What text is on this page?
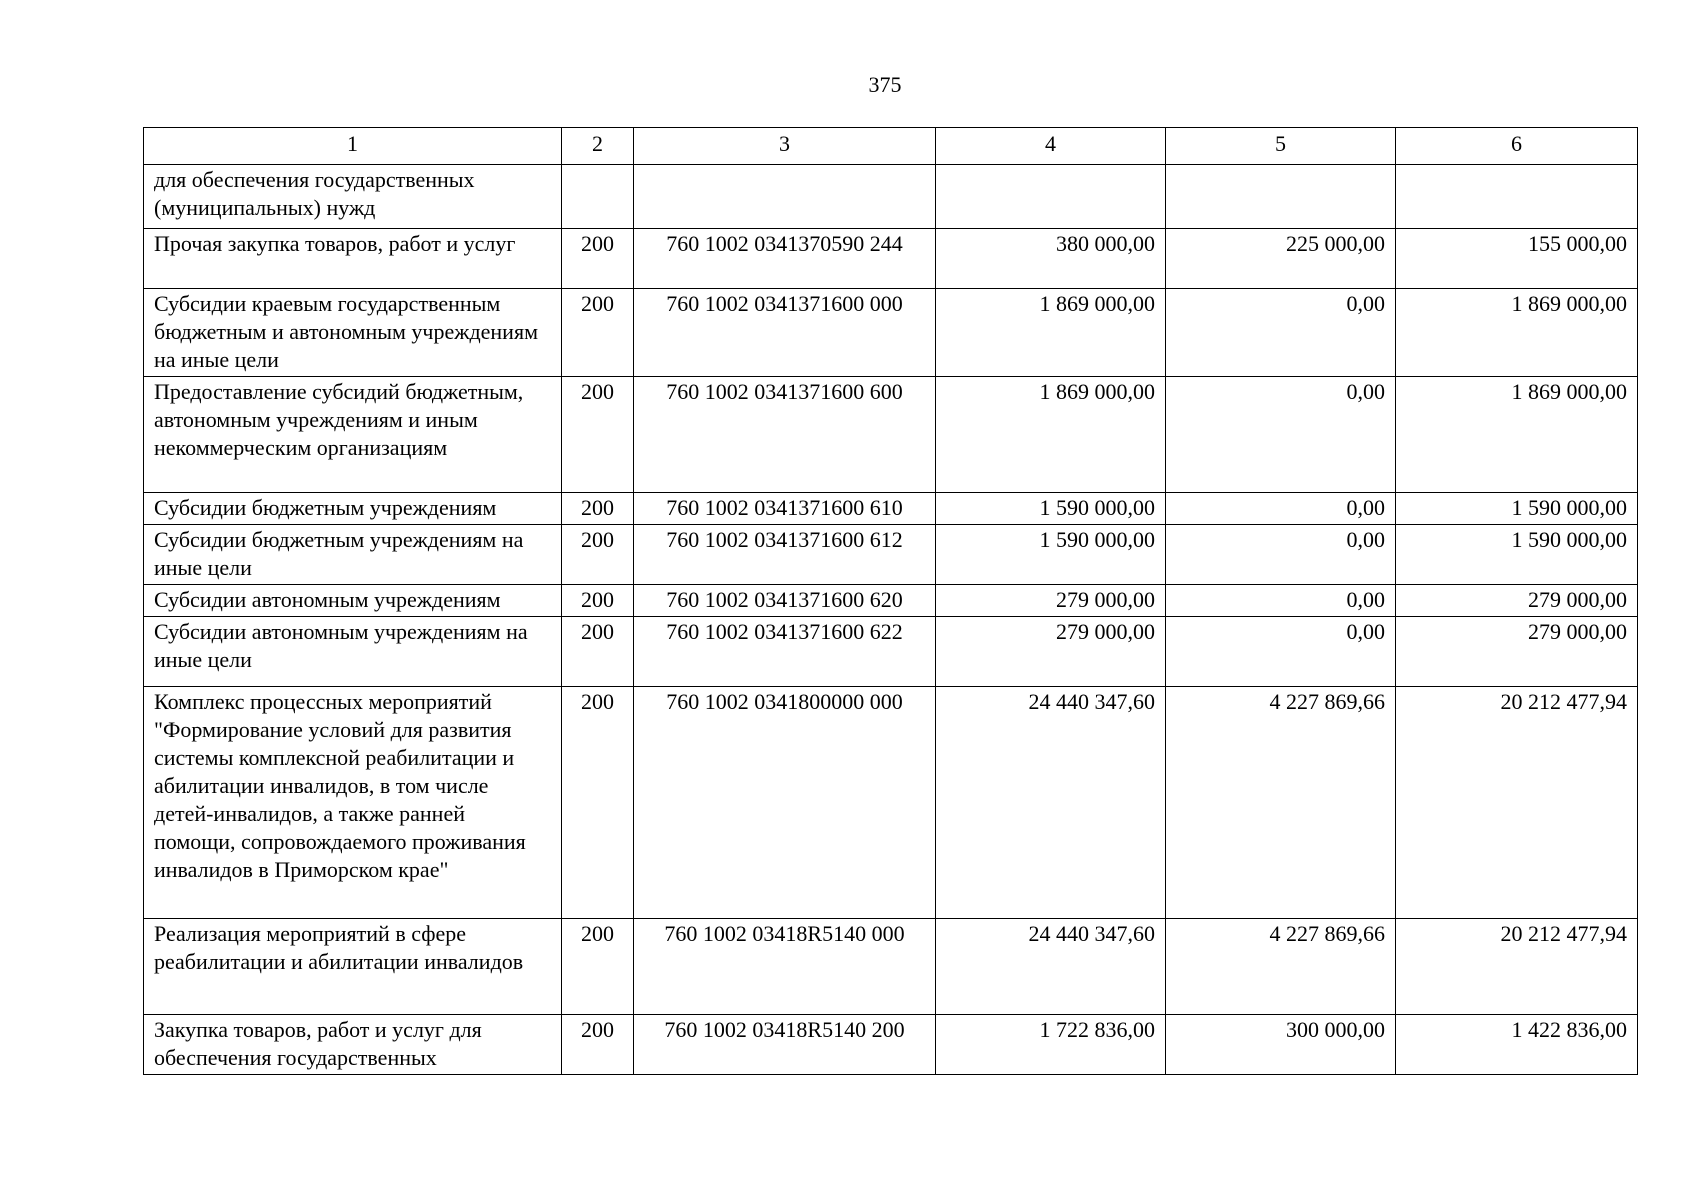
375
1	2	3	4	5	6
для обеспечения государственных (муниципальных) нужд					
Прочая закупка товаров, работ и услуг	200	760 1002 0341370590 244	380 000,00	225 000,00	155 000,00
Субсидии краевым государственным бюджетным и автономным учреждениям на иные цели	200	760 1002 0341371600 000	1 869 000,00	0,00	1 869 000,00
Предоставление субсидий бюджетным, автономным учреждениям и иным некоммерческим организациям	200	760 1002 0341371600 600	1 869 000,00	0,00	1 869 000,00
Субсидии бюджетным учреждениям	200	760 1002 0341371600 610	1 590 000,00	0,00	1 590 000,00
Субсидии бюджетным учреждениям на иные цели	200	760 1002 0341371600 612	1 590 000,00	0,00	1 590 000,00
Субсидии автономным учреждениям	200	760 1002 0341371600 620	279 000,00	0,00	279 000,00
Субсидии автономным учреждениям на иные цели	200	760 1002 0341371600 622	279 000,00	0,00	279 000,00
Комплекс процессных мероприятий "Формирование условий для развития системы комплексной реабилитации и абилитации инвалидов, в том числе детей-инвалидов, а также ранней помощи, сопровождаемого проживания инвалидов в Приморском крае"	200	760 1002 0341800000 000	24 440 347,60	4 227 869,66	20 212 477,94
Реализация мероприятий в сфере реабилитации и абилитации инвалидов	200	760 1002 03418R5140 000	24 440 347,60	4 227 869,66	20 212 477,94
Закупка товаров, работ и услуг для обеспечения государственных	200	760 1002 03418R5140 200	1 722 836,00	300 000,00	1 422 836,00
